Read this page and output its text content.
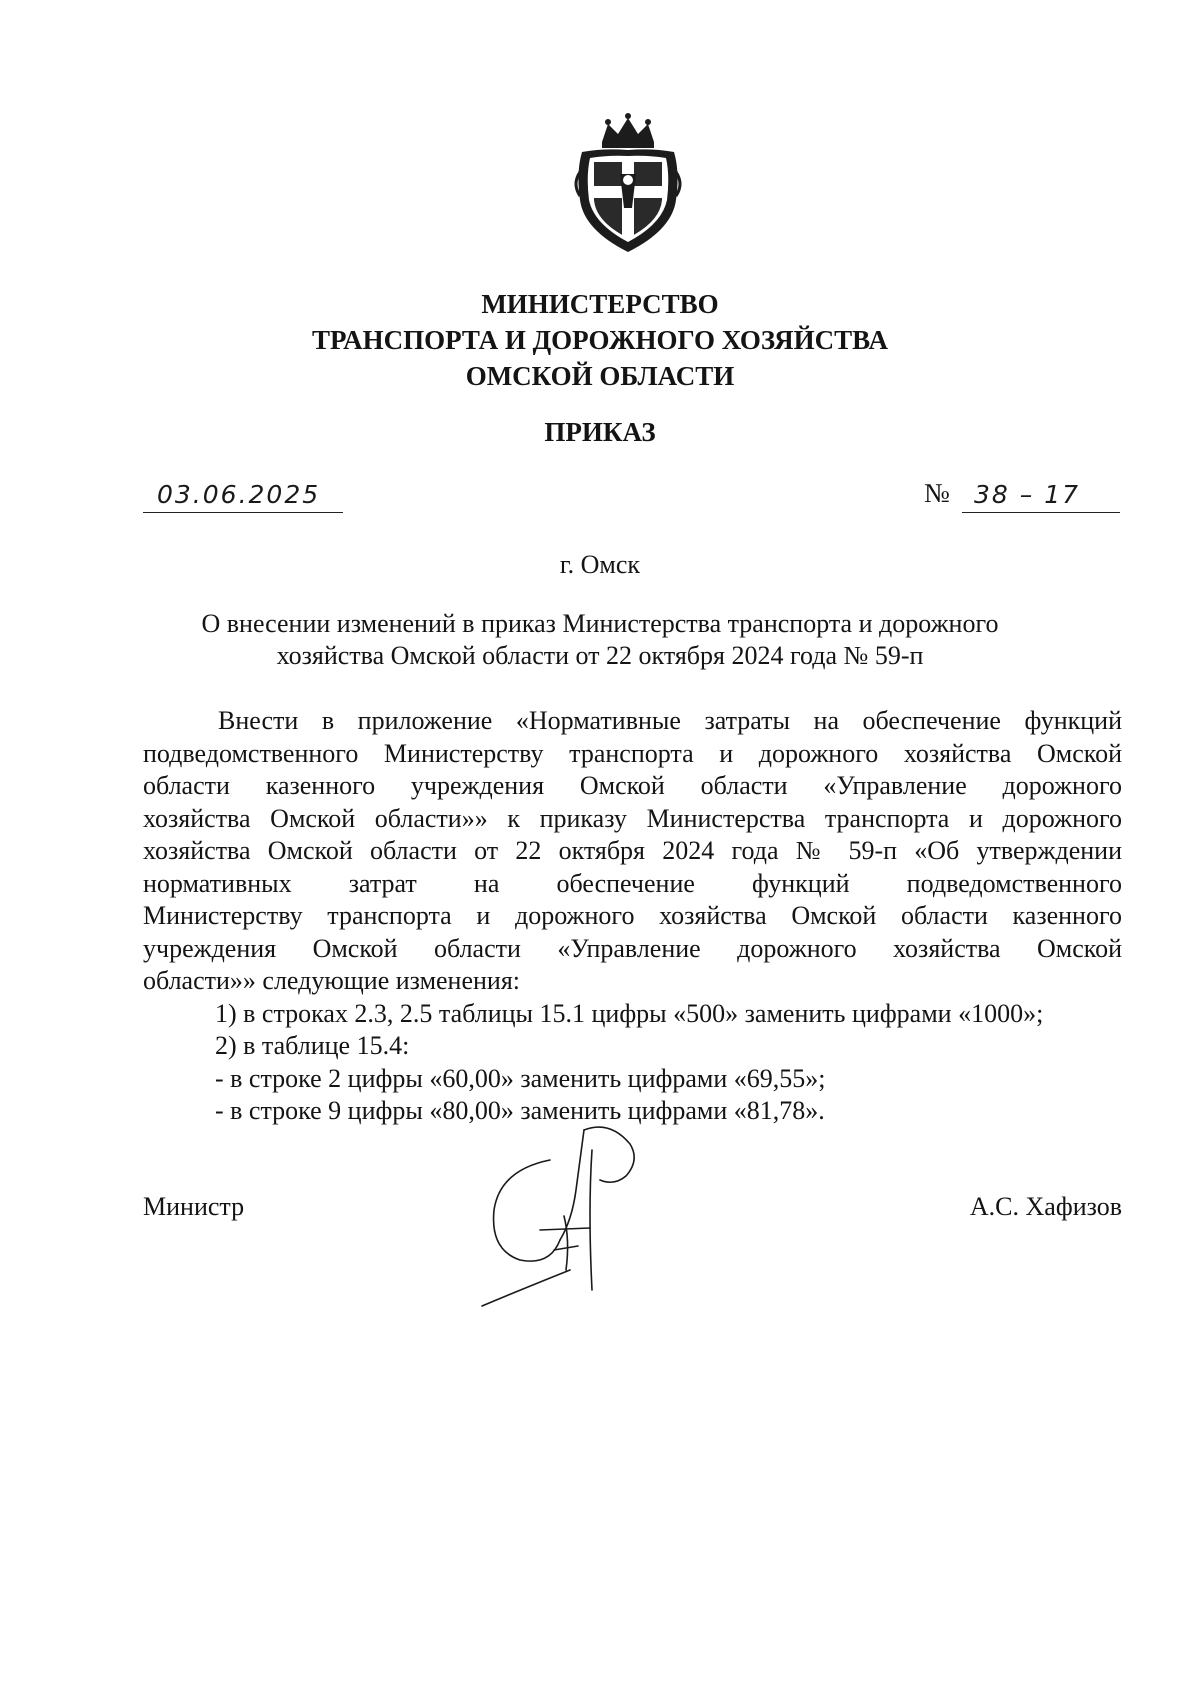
МИНИСТЕРСТВО
ТРАНСПОРТА И ДОРОЖНОГО ХОЗЯЙСТВА
ОМСКОЙ ОБЛАСТИ
ПРИКАЗ
03.06.2025	№ 38 – 17
г. Омск
О внесении изменений в приказ Министерства транспорта и дорожного
хозяйства Омской области от 22 октября 2024 года № 59-п
Внести в приложение «Нормативные затраты на обеспечение функций
подведомственного Министерству транспорта и дорожного хозяйства Омской
области казенного учреждения Омской области «Управление дорожного
хозяйства Омской области»» к приказу Министерства транспорта и дорожного
хозяйства Омской области от 22 октября 2024 года № 59-п «Об утверждении
нормативных затрат на обеспечение функций подведомственного
Министерству транспорта и дорожного хозяйства Омской области казенного
учреждения Омской области «Управление дорожного хозяйства Омской
области»» следующие изменения:
1) в строках 2.3, 2.5 таблицы 15.1 цифры «500» заменить цифрами «1000»;
2) в таблице 15.4:
- в строке 2 цифры «60,00» заменить цифрами «69,55»;
- в строке 9 цифры «80,00» заменить цифрами «81,78».
Министр	А.С. Хафизов
